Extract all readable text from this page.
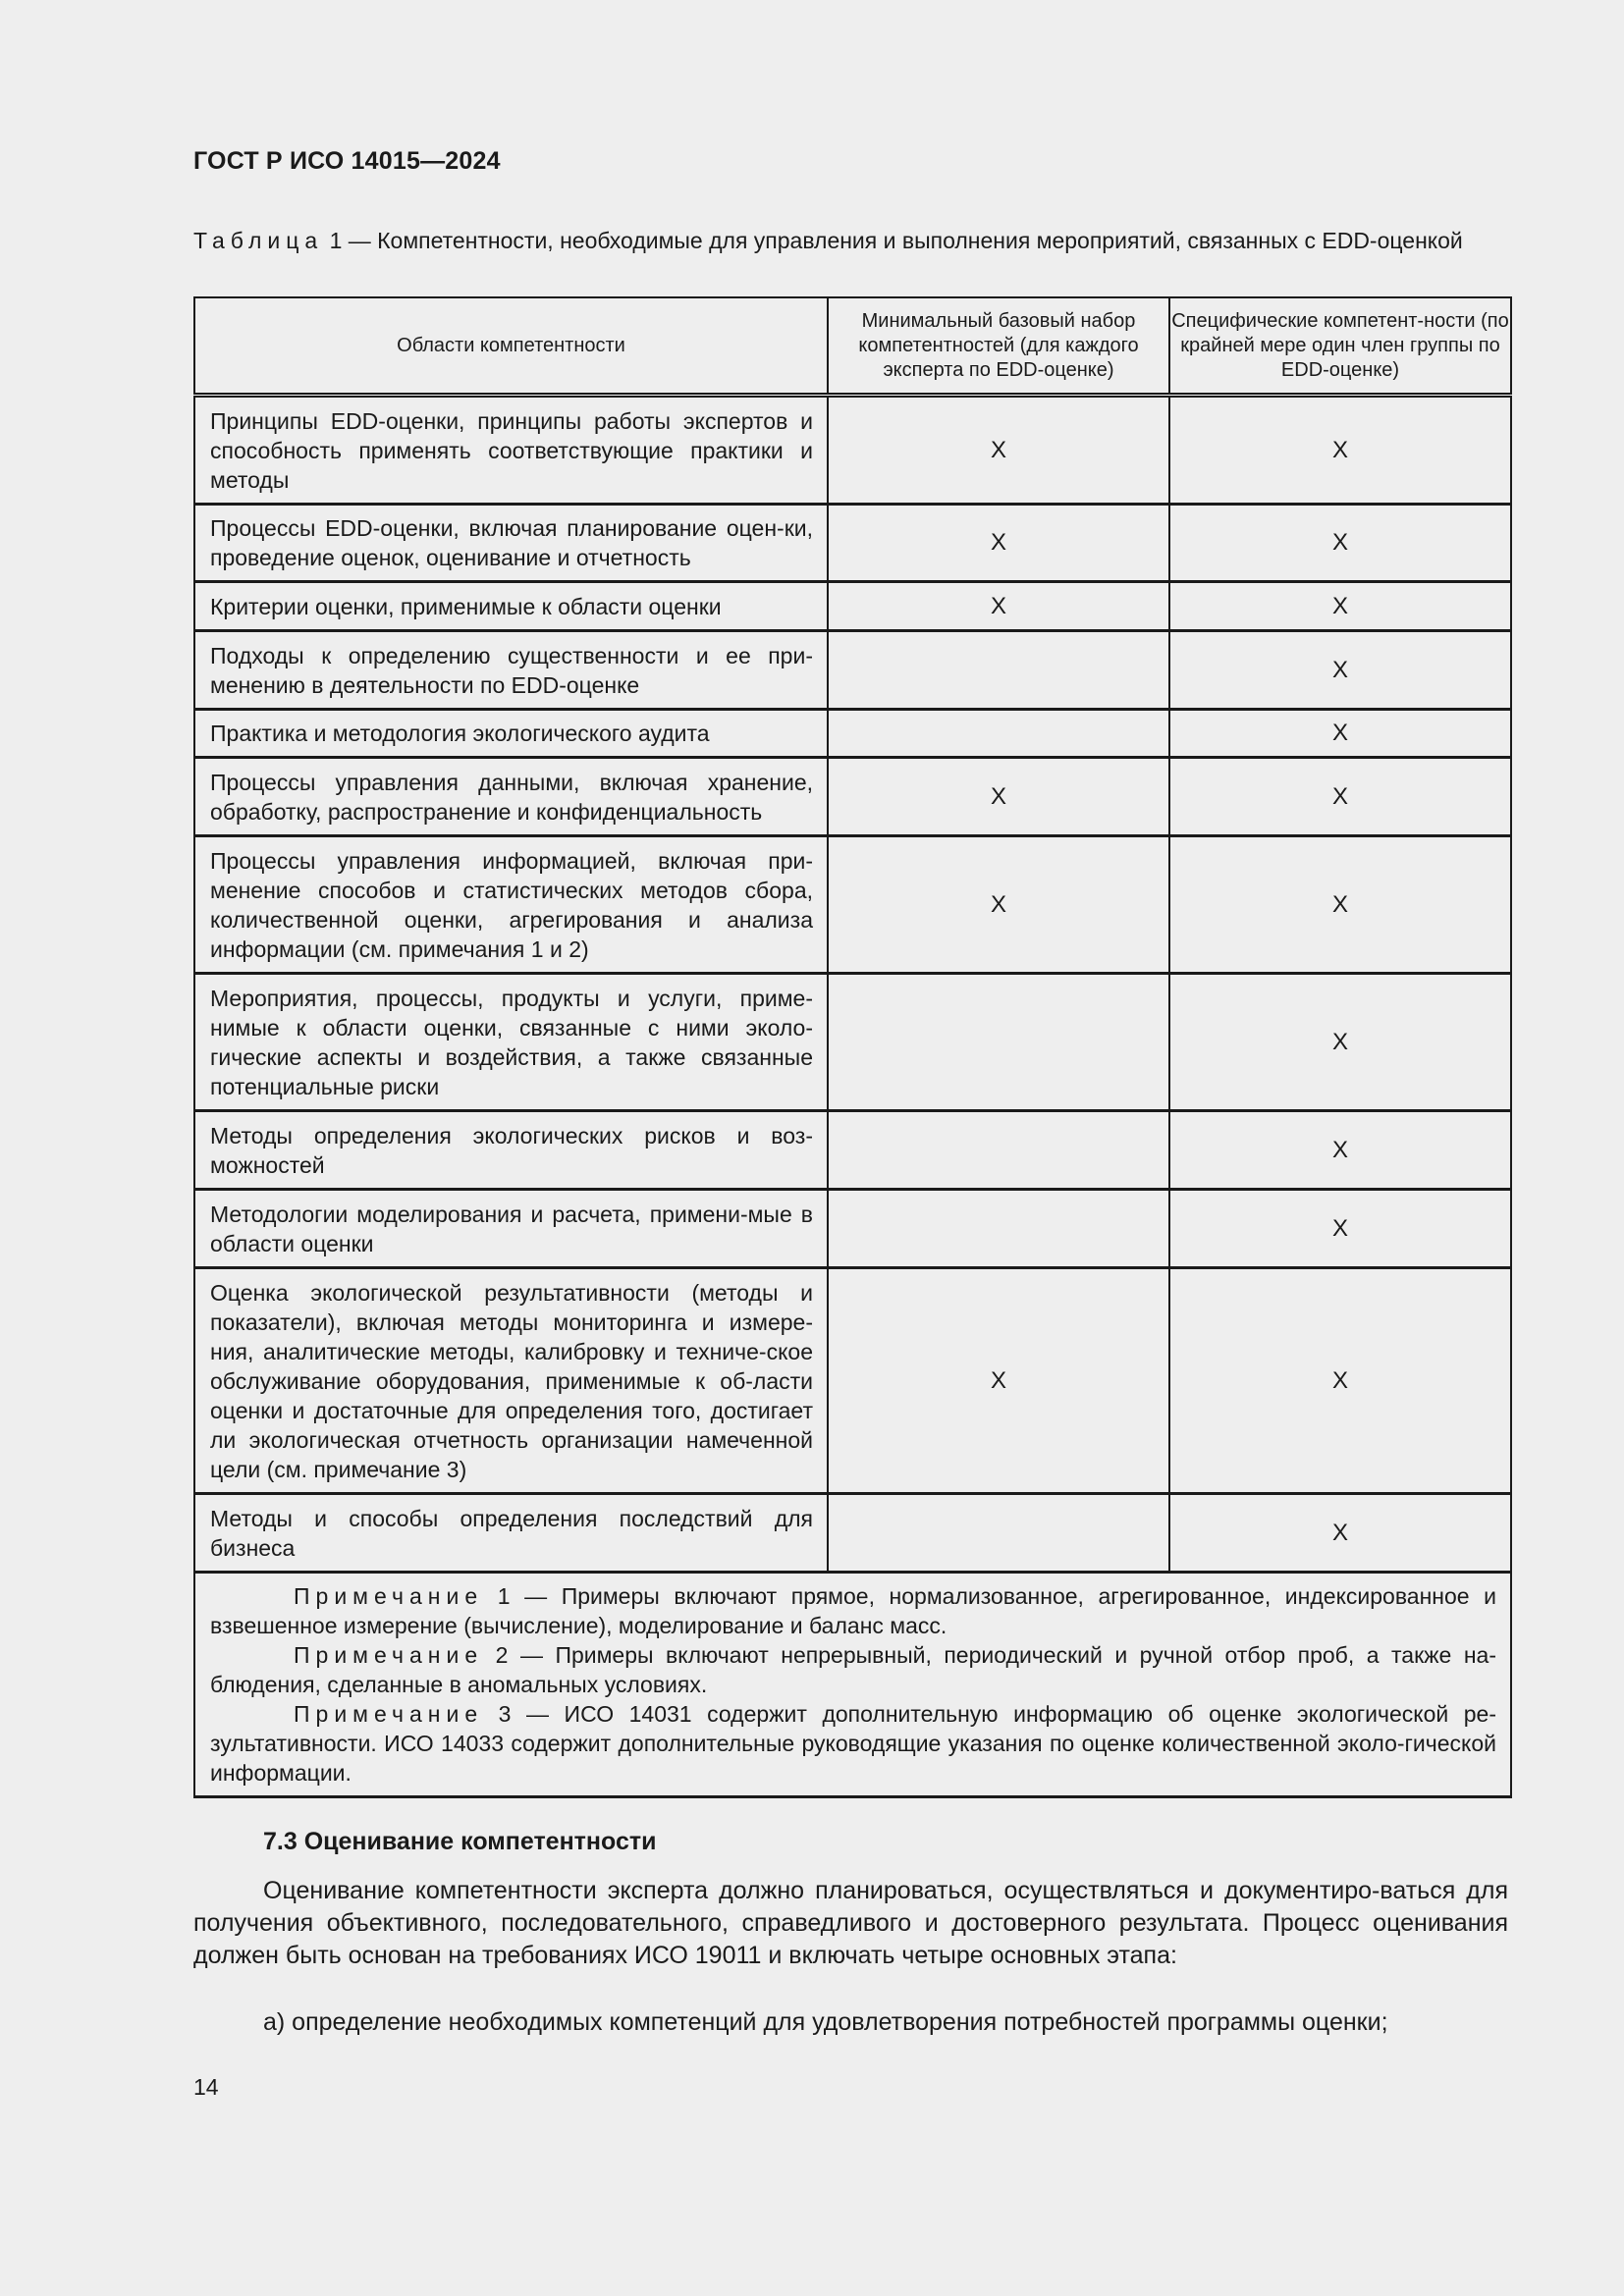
ГОСТ Р ИСО 14015—2024
Таблица 1 — Компетентности, необходимые для управления и выполнения мероприятий, связанных с EDD-оценкой
Области компетентности	Минимальный базовый набор компетентностей (для каждого эксперта по EDD-оценке)	Специфические компетент-ности (по крайней мере один член группы по EDD-оценке)
Принципы EDD-оценки, принципы работы экспертов и способность применять соответствующие практики и методы	X	X
Процессы EDD-оценки, включая планирование оцен-ки, проведение оценок, оценивание и отчетность	X	X
Критерии оценки, применимые к области оценки	X	X
Подходы к определению существенности и ее при-менению в деятельности по EDD-оценке		X
Практика и методология экологического аудита		X
Процессы управления данными, включая хранение, обработку, распространение и конфиденциальность	X	X
Процессы управления информацией, включая при-менение способов и статистических методов сбора, количественной оценки, агрегирования и анализа информации (см. примечания 1 и 2)	X	X
Мероприятия, процессы, продукты и услуги, приме-нимые к области оценки, связанные с ними эколо-гические аспекты и воздействия, а также связанные потенциальные риски		X
Методы определения экологических рисков и воз-можностей		X
Методологии моделирования и расчета, примени-мые в области оценки		X
Оценка экологической результативности (методы и показатели), включая методы мониторинга и измере-ния, аналитические методы, калибровку и техниче-ское обслуживание оборудования, применимые к об-ласти оценки и достаточные для определения того, достигает ли экологическая отчетность организации намеченной цели (см. примечание 3)	X	X
Методы и способы определения последствий для бизнеса		X

Примечание 1 — Примеры включают прямое, нормализованное, агрегированное, индексированное и взвешенное измерение (вычисление), моделирование и баланс масс.
Примечание 2 — Примеры включают непрерывный, периодический и ручной отбор проб, а также на-блюдения, сделанные в аномальных условиях.
Примечание 3 — ИСО 14031 содержит дополнительную информацию об оценке экологической ре-зультативности. ИСО 14033 содержит дополнительные руководящие указания по оценке количественной эколо-гической информации.		
7.3 Оценивание компетентности
Оценивание компетентности эксперта должно планироваться, осуществляться и документиро-ваться для получения объективного, последовательного, справедливого и достоверного результата. Процесс оценивания должен быть основан на требованиях ИСО 19011 и включать четыре основных этапа:
а) определение необходимых компетенций для удовлетворения потребностей программы оценки;
14
